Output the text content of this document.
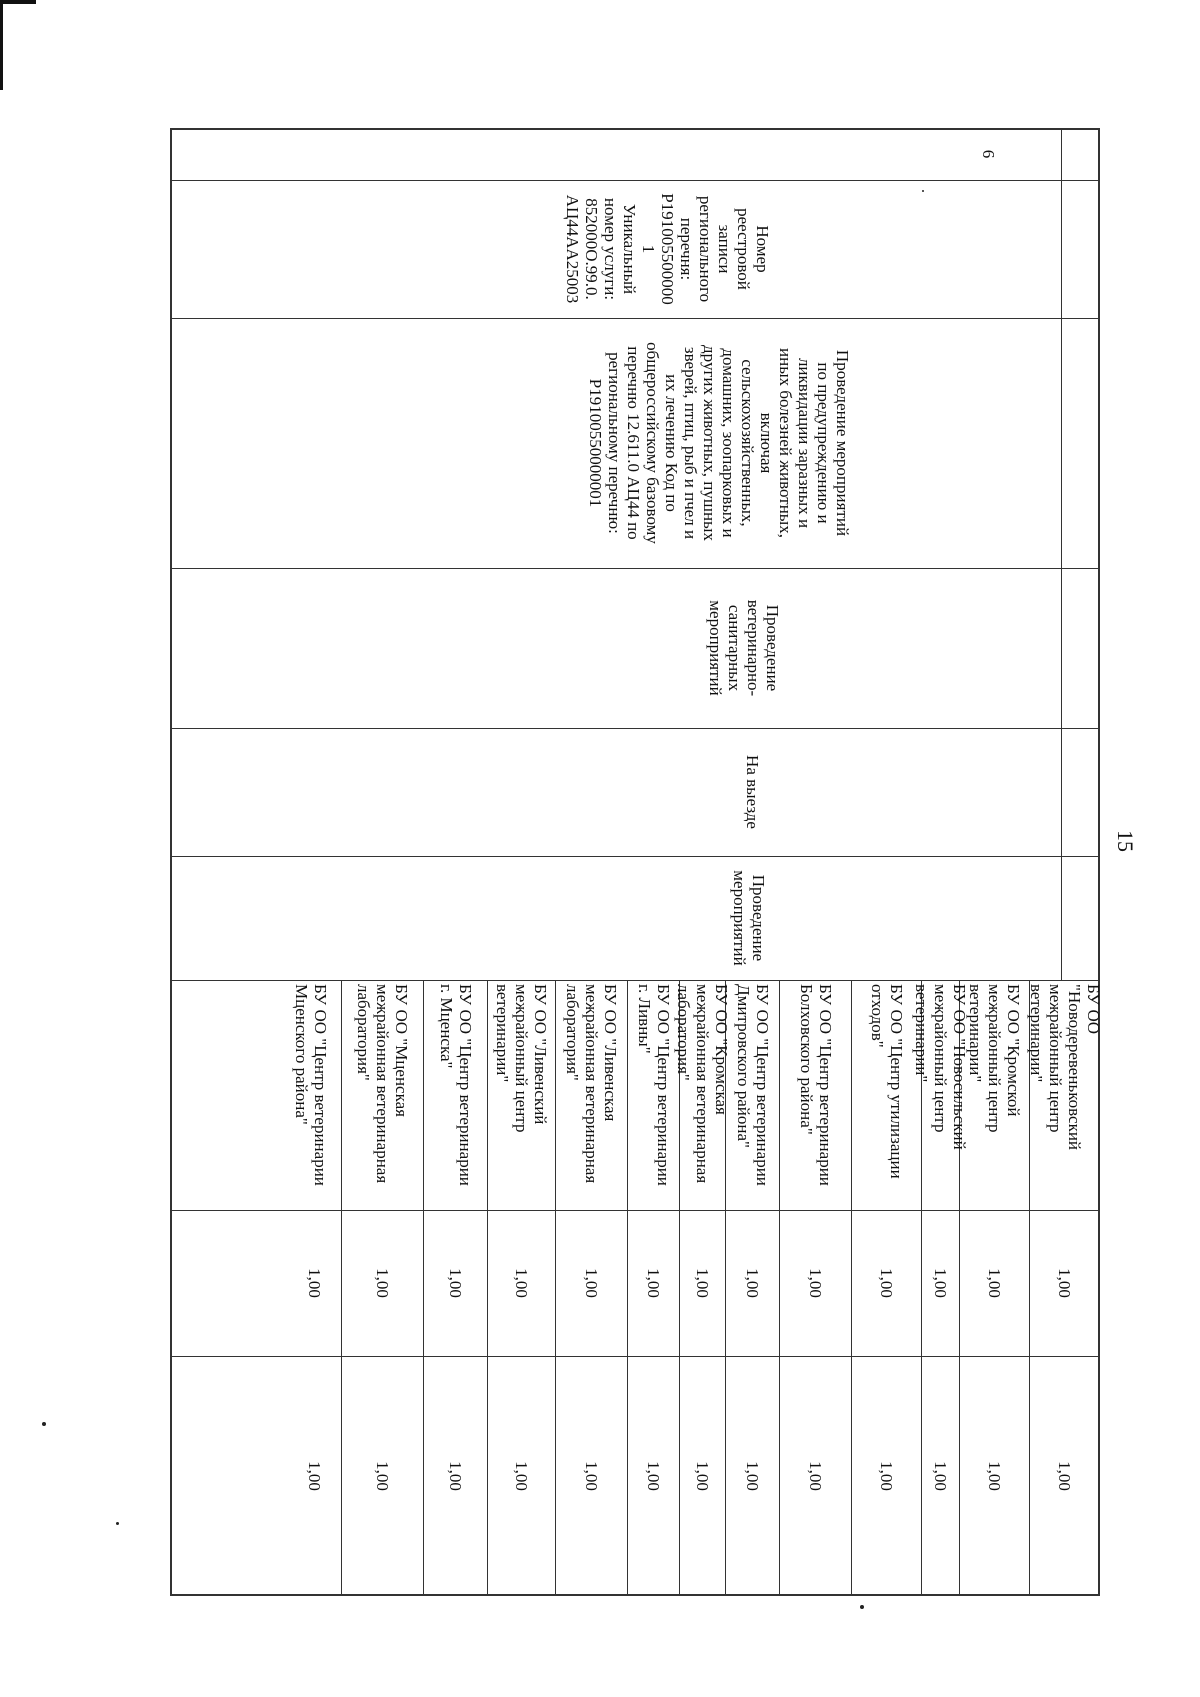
15
6
Номер
реестровой
записи
регионального
перечня:
Р191005500000
1
Уникальный
номер услуги:
852000О.99.0.
АЦ44АА25003
Проведение мероприятий
по предупреждению и
ликвидации заразных и
иных болезней животных,
включая
сельскохозяйственных,
домашних, зоопарковых и
других животных, пушных
зверей, птиц, рыб и пчел и
их лечению Код по
общероссийскому базовому
перечню 12.611.0 АЦ44 по
региональному перечню:
Р19100550000001
Проведение
ветеринарно-
санитарных
мероприятий
На выезде
Проведение
мероприятий
БУ ОО
"Новодеревеньковский
межрайонный центр
ветеринарии"
1,00
1,00
БУ ОО "Кромской
межрайонный центр
ветеринарии"
1,00
1,00
БУ ОО "Новосильский
межрайонный центр
ветеринарии"
1,00
1,00
БУ ОО "Центр утилизации
отходов"
1,00
1,00
БУ ОО "Центр ветеринарии
Болховского района"
1,00
1,00
БУ ОО "Центр ветеринарии
Дмитровского района"
1,00
1,00
БУ ОО "Кромская
межрайонная ветеринарная
лаборатория"
1,00
1,00
БУ ОО "Центр ветеринарии
г. Ливны"
1,00
1,00
БУ ОО "Ливенская
межрайонная ветеринарная
лаборатория"
1,00
1,00
БУ ОО "Ливенский
межрайонный центр
ветеринарии"
1,00
1,00
БУ ОО "Центр ветеринарии
г. Мценска"
1,00
1,00
БУ ОО "Мценская
межрайонная ветеринарная
лаборатория"
1,00
1,00
БУ ОО "Центр ветеринарии
Мценского района"
1,00
1,00
